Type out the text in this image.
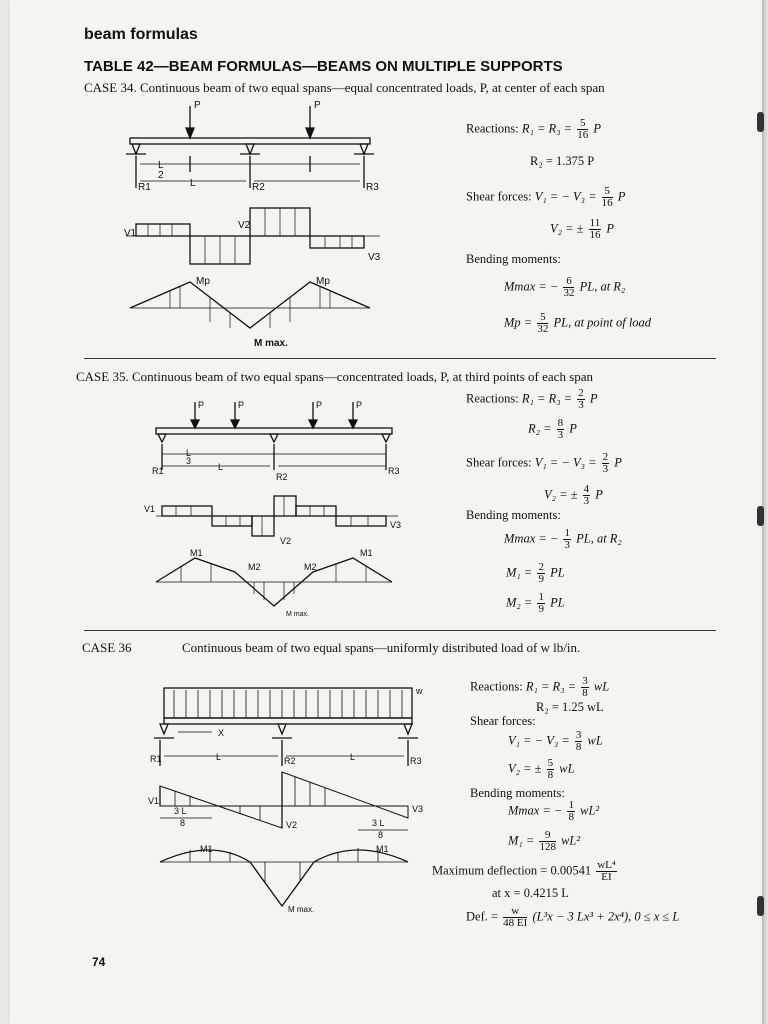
beam formulas
TABLE 42—BEAM FORMULAS—BEAMS ON MULTIPLE SUPPORTS
CASE 34. Continuous beam of two equal spans—equal concentrated loads, P, at center of each span
P	P
L
2
L
R1	R2	R3
V1
V2
V3
Mp	Mp
M max.
Reactions: $R_1 = R_3 = \frac{5}{16}$ P
R₂ = 1.375 P
Shear forces: V₁ = − $V_3 = \frac{5}{16}$ P
V₂ = ± $\frac{11}{16}$ P
Bending moments:
Mmax = − $\frac{6}{32}$ PL, at R₂
$Mp = \frac{5}{32}$ PL, at point of load
CASE 35. Continuous beam of two equal spans—concentrated loads, P, at third points of each span
P	P	P	P
L
3
L
R1
R2
R3
V1
V2
V3
M1	M1
M2	M2
M max.
Reactions: $R_1 = R_3 = \frac{2}{3}$ P
$R_2 = \frac{8}{3}$ P
Shear forces: V₁ = − $V_3 = \frac{2}{3}$ P
V₂ = ± $\frac{4}{3}$ P
Bending moments:
Mmax = − $\frac{1}{3}$ PL, at R₂
$M_1 = \frac{2}{9}$ PL
$M_2 = \frac{1}{9}$ PL
CASE 36	Continuous beam of two equal spans—uniformly distributed load of w lb/in.
w
X
L	L
R1	R2	R3
V1
V2
V3
3 L
8	3 L
8
M1	M1
M max.
Reactions: $R_1 = R_3 = \frac{3}{8}$ wL
R₂ = 1.25 wL
Shear forces:
V₁ = − $V_3 = \frac{3}{8}$ wL
V₂ = ± $\frac{5}{8}$ wL
Bending moments:
Mmax = − $\frac{1}{8} wL^2$
$M_1 = \frac{9}{128} wL^2$
Maximum deflection = $0.00541 \frac{\text{wL⁴}}{EI}$
at x = 0.4215 L
Def. = $\frac{w}{48 EI} (L^3x - 3$ Lx³ + 2x⁴), 0 ≤ x ≤ L
74
